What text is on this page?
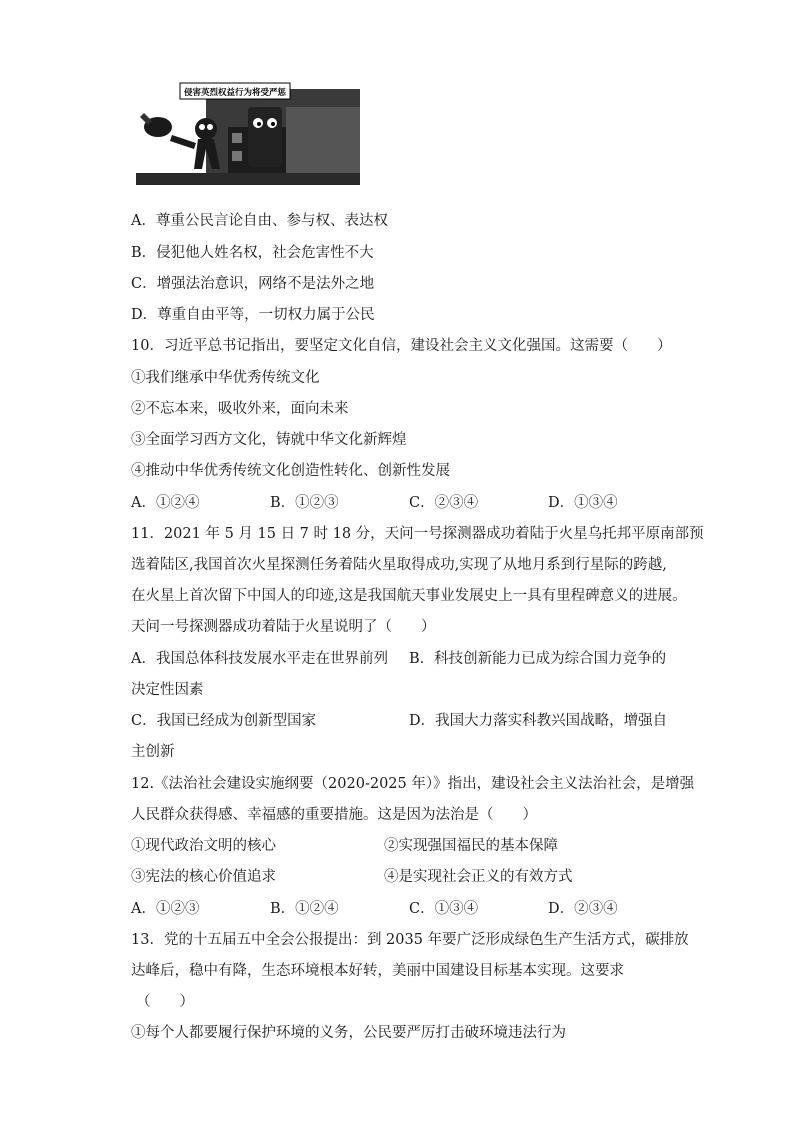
侵害英烈权益行为将受严惩
A．尊重公民言论自由、参与权、表达权
B．侵犯他人姓名权，社会危害性不大
C．增强法治意识，网络不是法外之地
D．尊重自由平等，一切权力属于公民
10．习近平总书记指出，要坚定文化自信，建设社会主义文化强国。这需要（　　）
①我们继承中华优秀传统文化
②不忘本来，吸收外来，面向未来
③全面学习西方文化，铸就中华文化新辉煌
④推动中华优秀传统文化创造性转化、创新性发展
A．①②④	B．①②③	C．②③④	D．①③④
11．2021 年 5 月 15 日 7 时 18 分，天问一号探测器成功着陆于火星乌托邦平原南部预
选着陆区,我国首次火星探测任务着陆火星取得成功,实现了从地月系到行星际的跨越,
在火星上首次留下中国人的印迹,这是我国航天事业发展史上一具有里程碑意义的进展。
天问一号探测器成功着陆于火星说明了（　　）
A．我国总体科技发展水平走在世界前列 B．科技创新能力已成为综合国力竞争的
决定性因素
C．我国已经成为创新型国家	D．我国大力落实科教兴国战略，增强自
主创新
12.《法治社会建设实施纲要（2020-2025 年）》指出，建设社会主义法治社会，是增强
人民群众获得感、幸福感的重要措施。这是因为法治是（　　）
①现代政治文明的核心	②实现强国福民的基本保障
③宪法的核心价值追求	④是实现社会正义的有效方式
A．①②③	B．①②④	C．①③④	D．②③④
13．党的十五届五中全会公报提出：到 2035 年要广泛形成绿色生产生活方式，碳排放
达峰后，稳中有降，生态环境根本好转，美丽中国建设目标基本实现。这要求
（　　）
①每个人都要履行保护环境的义务，公民要严厉打击破环境违法行为
